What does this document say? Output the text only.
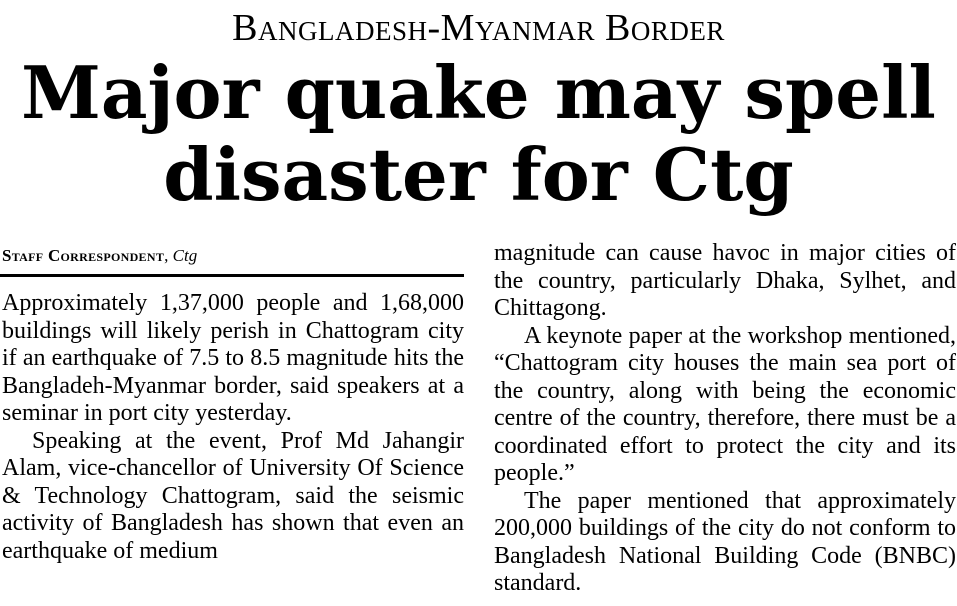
Bangladesh-Myanmar Border
Major quake may spell disaster for Ctg
Staff Correspondent, Ctg

Approximately 1,37,000 people and 1,68,000 buildings will likely perish in Chattogram city if an earthquake of 7.5 to 8.5 magnitude hits the Bangladeh-Myanmar border, said speakers at a seminar in port city yesterday.

Speaking at the event, Prof Md Jahangir Alam, vice-chancellor of University Of Science & Technology Chattogram, said the seismic activity of Bangladesh has shown that even an earthquake of medium

magnitude can cause havoc in major cities of the country, particularly Dhaka, Sylhet, and Chittagong.

A keynote paper at the workshop mentioned, “Chattogram city houses the main sea port of the country, along with being the economic centre of the country, therefore, there must be a coordinated effort to protect the city and its people.”

The paper mentioned that approximately 200,000 buildings of the city do not conform to Bangladesh National Building Code (BNBC) standard.
